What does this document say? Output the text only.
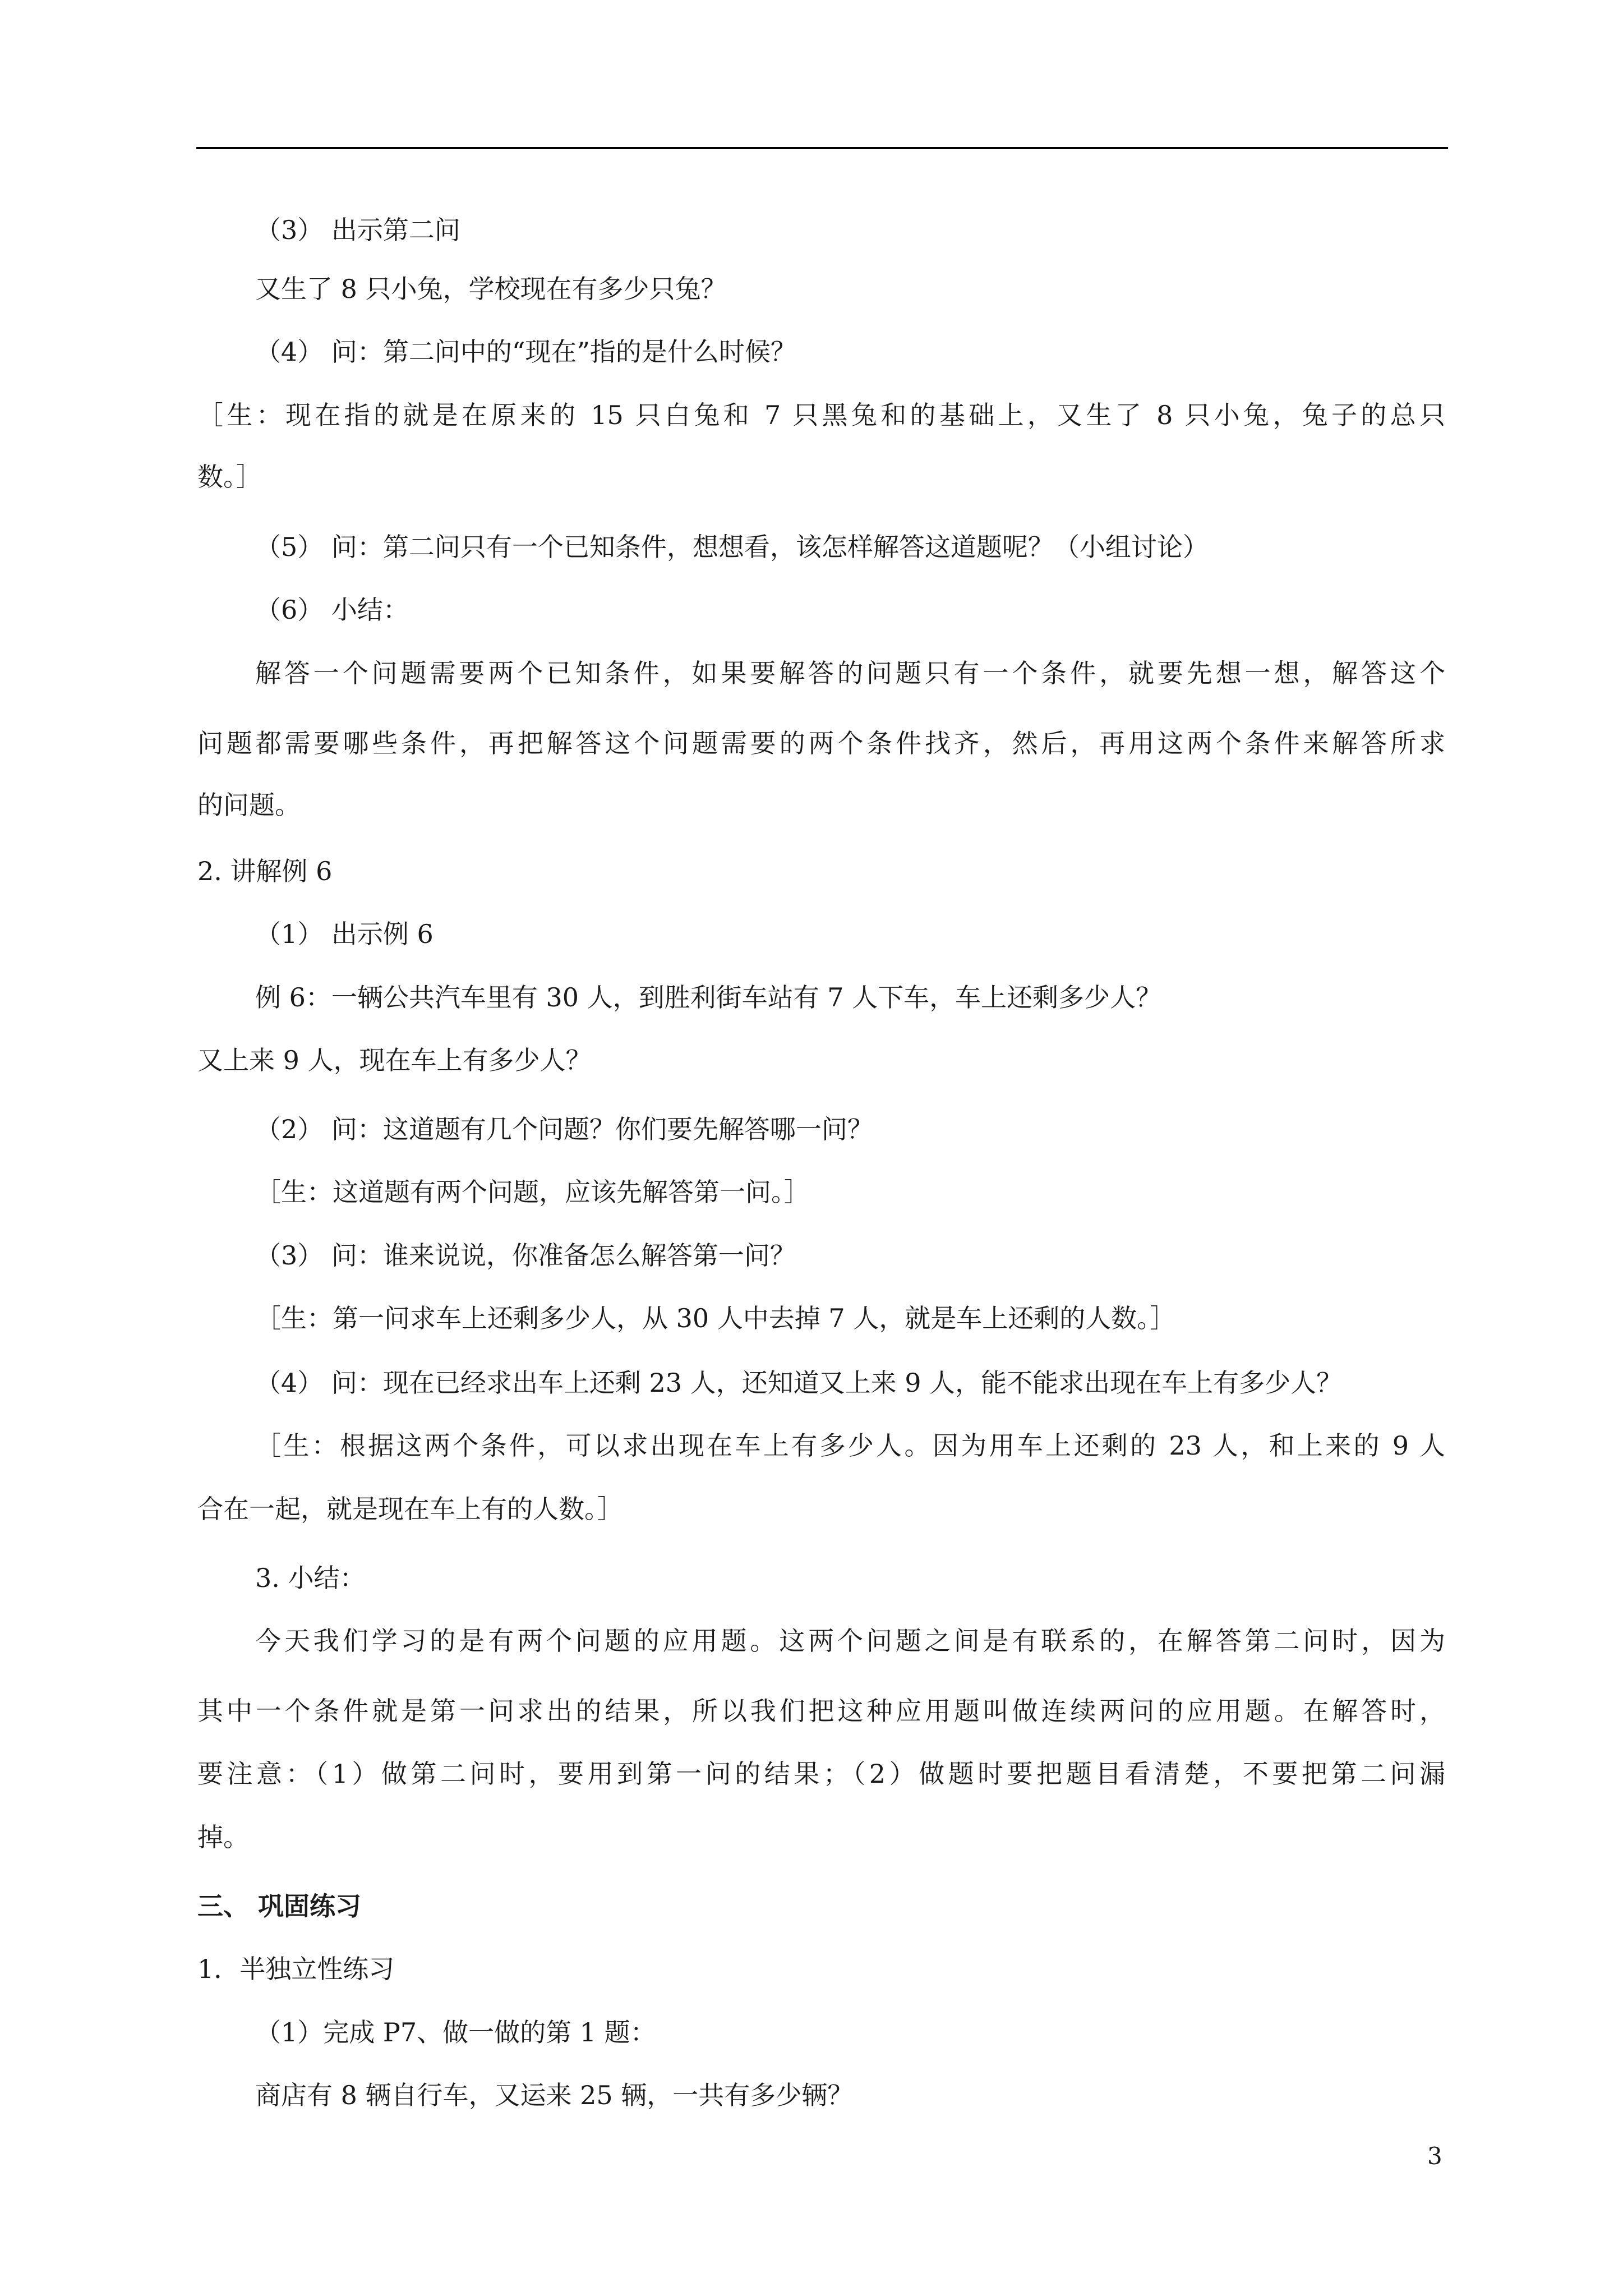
（3） 出示第二问
又生了 8 只小兔，学校现在有多少只兔？
（4） 问：第二问中的“现在”指的是什么时候？
［生：现在指的就是在原来的 15 只白兔和 7 只黑兔和的基础上，又生了 8 只小兔，兔子的总只
数。］
（5） 问：第二问只有一个已知条件，想想看，该怎样解答这道题呢？（小组讨论）
（6） 小结：
解答一个问题需要两个已知条件，如果要解答的问题只有一个条件，就要先想一想，解答这个
问题都需要哪些条件，再把解答这个问题需要的两个条件找齐，然后，再用这两个条件来解答所求
的问题。
2. 讲解例 6
（1） 出示例 6
例 6：一辆公共汽车里有 30 人，到胜利街车站有 7 人下车，车上还剩多少人？
又上来 9 人，现在车上有多少人？
（2） 问：这道题有几个问题？你们要先解答哪一问？
［生：这道题有两个问题，应该先解答第一问。］
（3） 问：谁来说说，你准备怎么解答第一问？
［生：第一问求车上还剩多少人，从 30 人中去掉 7 人，就是车上还剩的人数。］
（4） 问：现在已经求出车上还剩 23 人，还知道又上来 9 人，能不能求出现在车上有多少人？
［生：根据这两个条件，可以求出现在车上有多少人。因为用车上还剩的 23 人，和上来的 9 人
合在一起，就是现在车上有的人数。］
3. 小结：
今天我们学习的是有两个问题的应用题。这两个问题之间是有联系的，在解答第二问时，因为
其中一个条件就是第一问求出的结果，所以我们把这种应用题叫做连续两问的应用题。在解答时，
要注意：（1）做第二问时，要用到第一问的结果；（2）做题时要把题目看清楚，不要把第二问漏
掉。
三、 巩固练习
1．半独立性练习
（1）完成 P7、做一做的第 1 题：
商店有 8 辆自行车，又运来 25 辆，一共有多少辆？
3
